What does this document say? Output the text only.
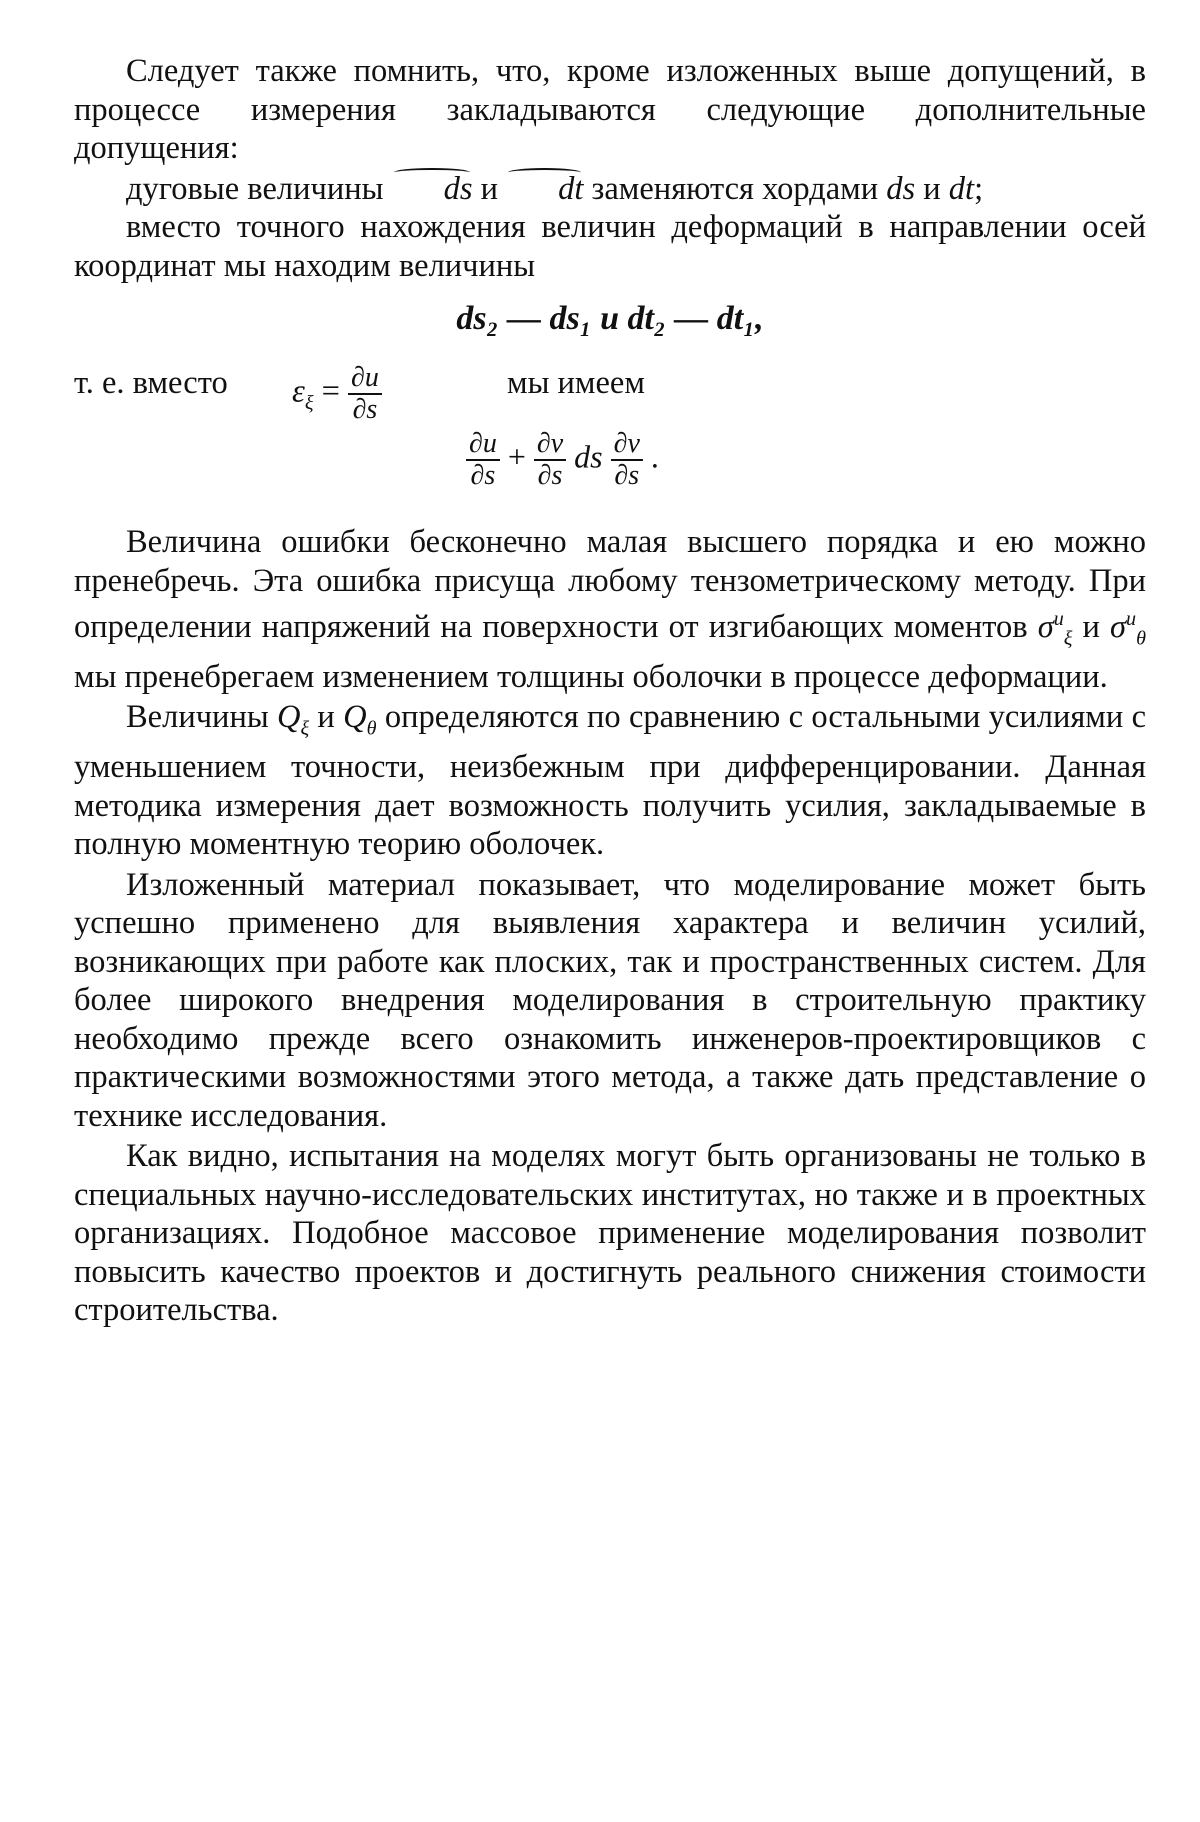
Следует также помнить, что, кроме изложенных выше допущений, в процессе измерения закладываются следующие дополнительные допущения:

дуговые величины ds и dt заменяются хордами ds и dt;

вместо точного нахождения величин деформаций в направлении осей координат мы находим величины

ds₂ — ds₁ и dt₂ — dt₁,
т. е. вместо $\varepsilon_\xi = \frac{\partial u}{\partial s}$	мы имеем
$\frac{\partial u}{\partial s} + \frac{\partial v}{\partial s}$ ds $\frac{\partial v}{\partial s}$ .

Величина ошибки бесконечно малая высшего порядка и ею можно пренебречь. Эта ошибка присуща любому тензометрическому методу. При определении напряжений на поверхности от изгибающих моментов $\sigma^и_\xi$ и $\sigma^и_\theta$ мы пренебрегаем изменением толщины оболочки в процессе деформации.

Величины $Q_\xi$ и $Q_\theta$ определяются по сравнению с остальными усилиями с уменьшением точности, неизбежным при дифференцировании. Данная методика измерения дает возможность получить усилия, закладываемые в полную моментную теорию оболочек.

Изложенный материал показывает, что моделирование может быть успешно применено для выявления характера и величин усилий, возникающих при работе как плоских, так и пространственных систем. Для более широкого внедрения моделирования в строительную практику необходимо прежде всего ознакомить инженеров-проектировщиков с практическими возможностями этого метода, а также дать представление о технике исследования.

Как видно, испытания на моделях могут быть организованы не только в специальных научно-исследовательских институтах, но также и в проектных организациях. Подобное массовое применение моделирования позволит повысить качество проектов и достигнуть реального снижения стоимости строительства.
